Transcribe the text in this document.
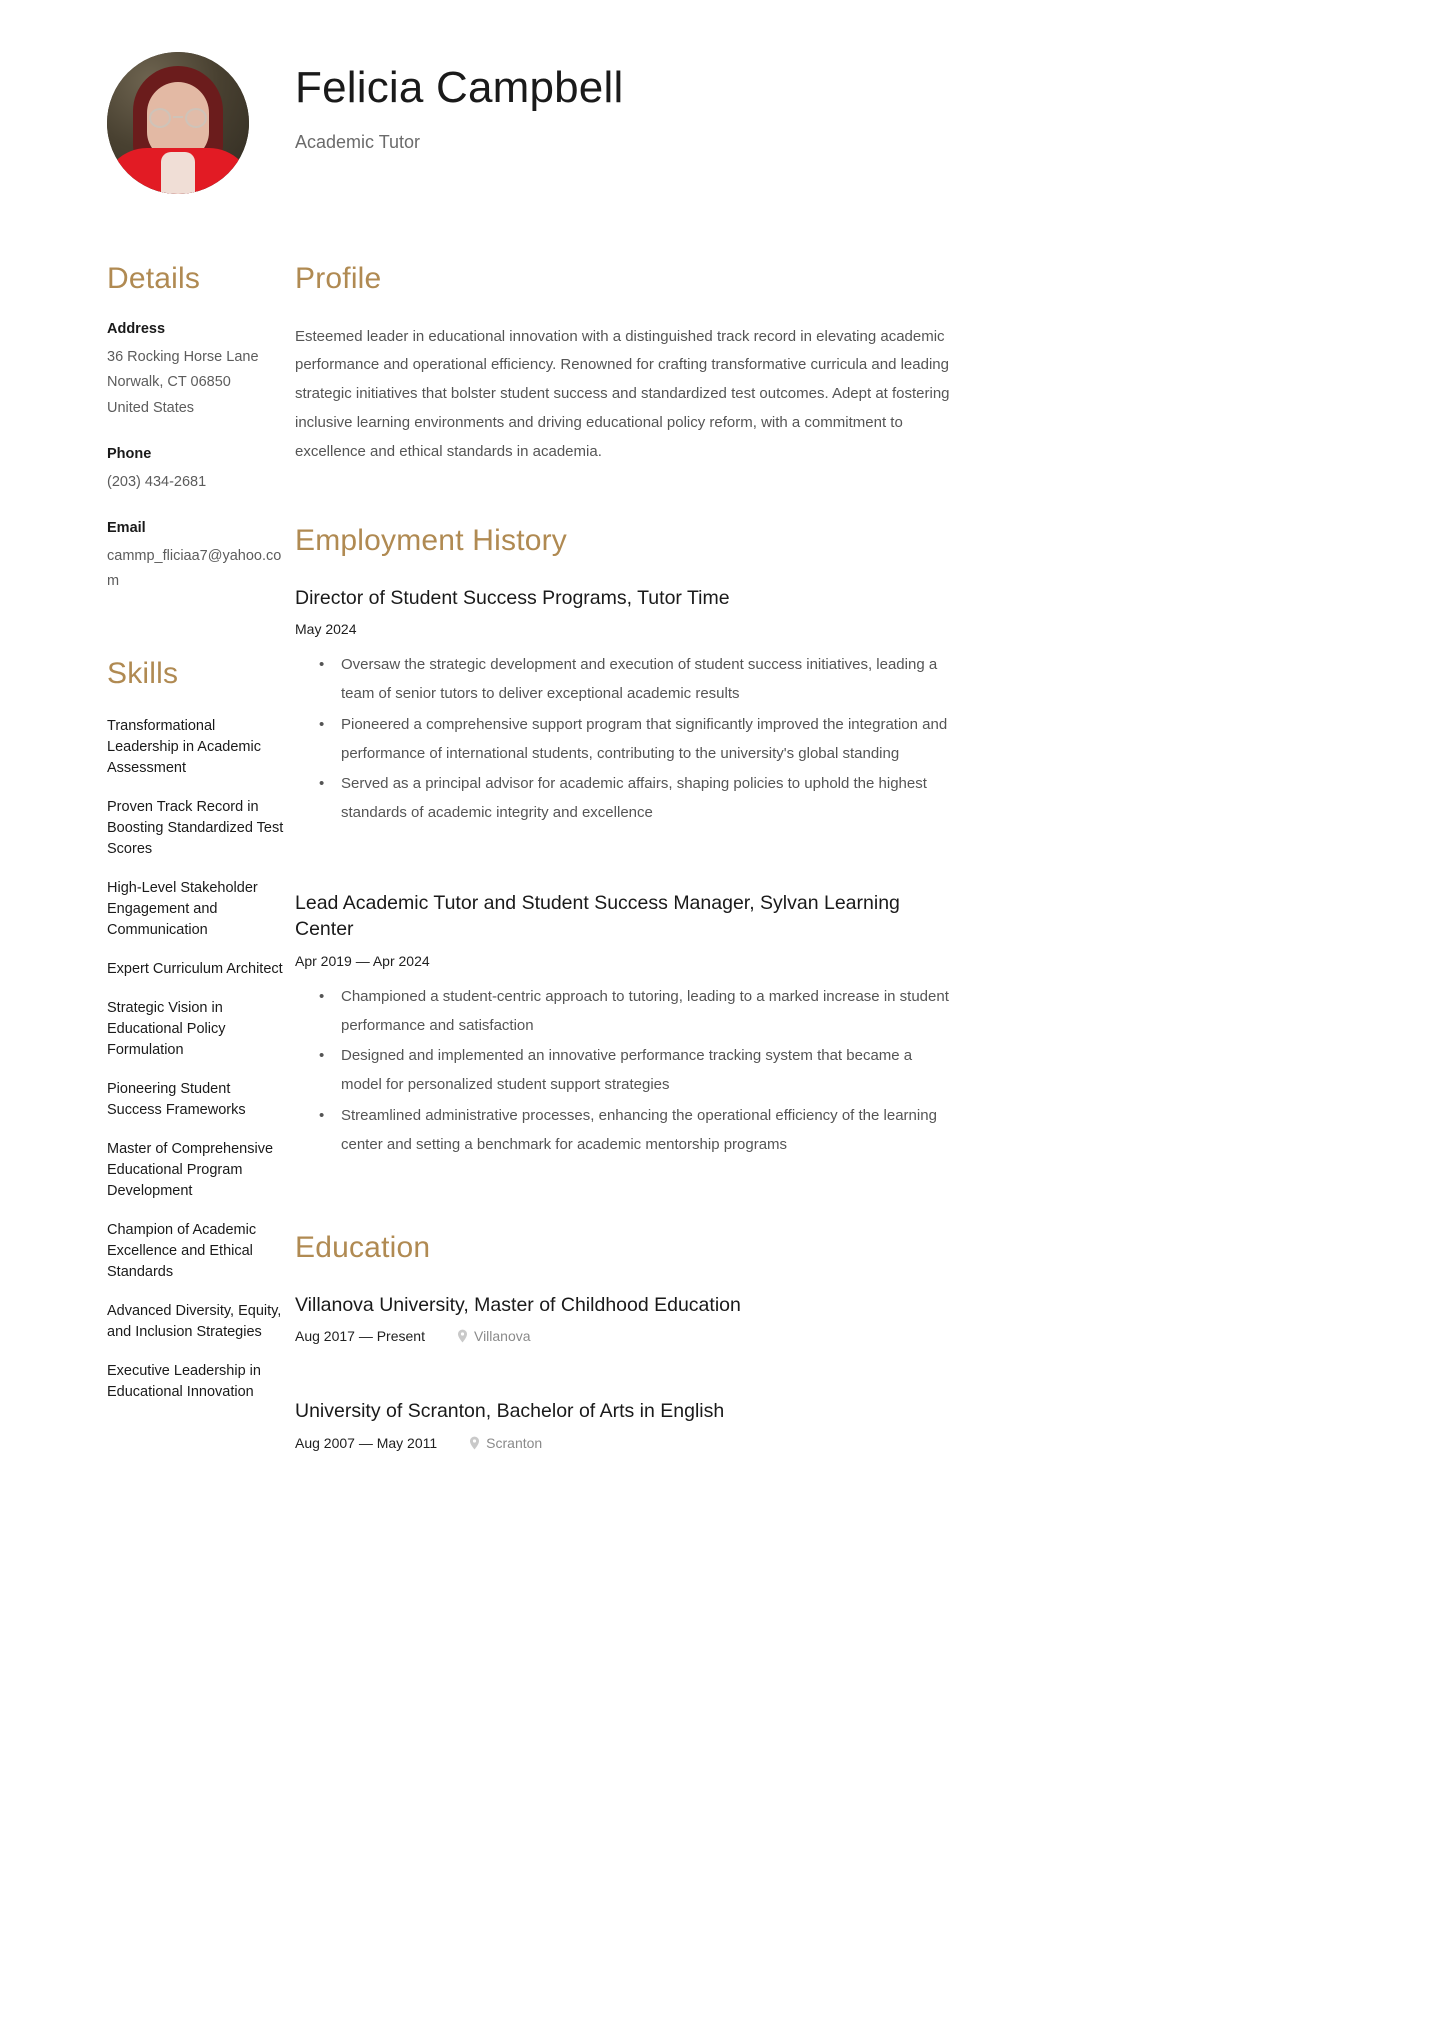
Felicia Campbell
Academic Tutor
Details
Address
36 Rocking Horse Lane
Norwalk, CT 06850
United States
Phone
(203) 434-2681
Email
cammp_fliciaa7@yahoo.com
Skills
Transformational Leadership in Academic Assessment
Proven Track Record in Boosting Standardized Test Scores
High-Level Stakeholder Engagement and Communication
Expert Curriculum Architect
Strategic Vision in Educational Policy Formulation
Pioneering Student Success Frameworks
Master of Comprehensive Educational Program Development
Champion of Academic Excellence and Ethical Standards
Advanced Diversity, Equity, and Inclusion Strategies
Executive Leadership in Educational Innovation
Profile

Esteemed leader in educational innovation with a distinguished track record in elevating academic performance and operational efficiency. Renowned for crafting transformative curricula and leading strategic initiatives that bolster student success and standardized test outcomes. Adept at fostering inclusive learning environments and driving educational policy reform, with a commitment to excellence and ethical standards in academia.

Employment History
Director of Student Success Programs, Tutor Time
May 2024
• Oversaw the strategic development and execution of student success initiatives, leading a team of senior tutors to deliver exceptional academic results
• Pioneered a comprehensive support program that significantly improved the integration and performance of international students, contributing to the university's global standing
• Served as a principal advisor for academic affairs, shaping policies to uphold the highest standards of academic integrity and excellence
Lead Academic Tutor and Student Success Manager, Sylvan Learning Center
Apr 2019 — Apr 2024
• Championed a student-centric approach to tutoring, leading to a marked increase in student performance and satisfaction
• Designed and implemented an innovative performance tracking system that became a model for personalized student support strategies
• Streamlined administrative processes, enhancing the operational efficiency of the learning center and setting a benchmark for academic mentorship programs
Education
Villanova University, Master of Childhood Education
Aug 2017 — Present	Villanova
University of Scranton, Bachelor of Arts in English
Aug 2007 — May 2011	Scranton
